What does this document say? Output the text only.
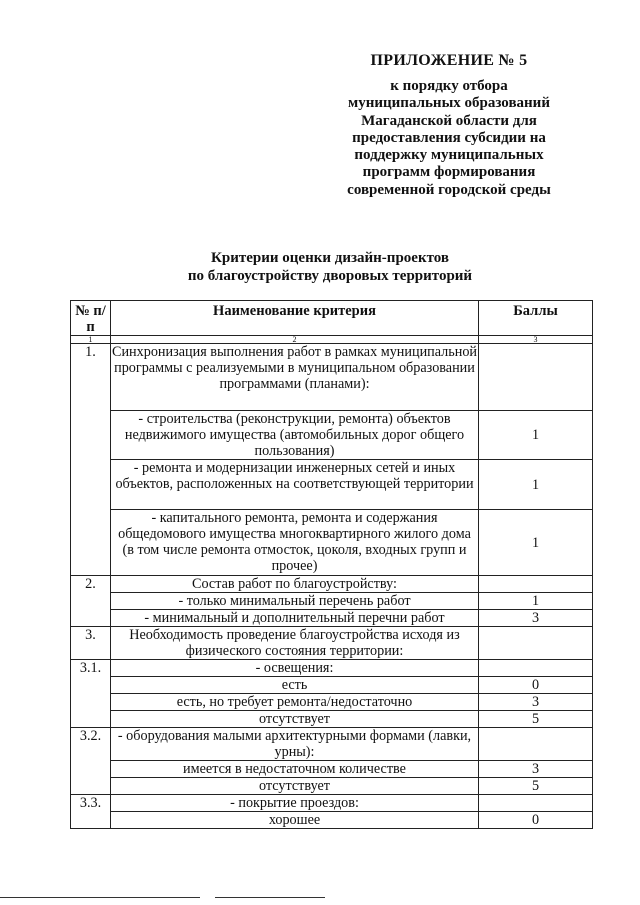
ПРИЛОЖЕНИЕ № 5
к порядку отбора
муниципальных образований
Магаданской области для
предоставления субсидии на
поддержку муниципальных
программ формирования
современной городской среды
Критерии оценки дизайн-проектов
по благоустройству дворовых территорий
№ п/п	Наименование критерия	Баллы
1	2	3
1.	Синхронизация выполнения работ в рамках муниципальной программы с реализуемыми в муниципальном образовании программами (планами):	
	- строительства (реконструкции, ремонта) объектов недвижимого имущества (автомобильных дорог общего пользования)	1
	- ремонта и модернизации инженерных сетей и иных объектов, расположенных на соответствующей территории	1
	- капитального ремонта, ремонта и содержания общедомового имущества многоквартирного жилого дома (в том числе ремонта отмосток, цоколя, входных групп и прочее)	1
2.	Состав работ по благоустройству:	
	- только минимальный перечень работ	1
	- минимальный и дополнительный перечни работ	3
3.	Необходимость проведение благоустройства исходя из физического состояния территории:	
3.1.	- освещения:	
	есть	0
	есть, но требует ремонта/недостаточно	3
	отсутствует	5
3.2.	- оборудования малыми архитектурными формами (лавки, урны):	
	имеется в недостаточном количестве	3
	отсутствует	5
3.3.	- покрытие проездов:	
	хорошее	0
